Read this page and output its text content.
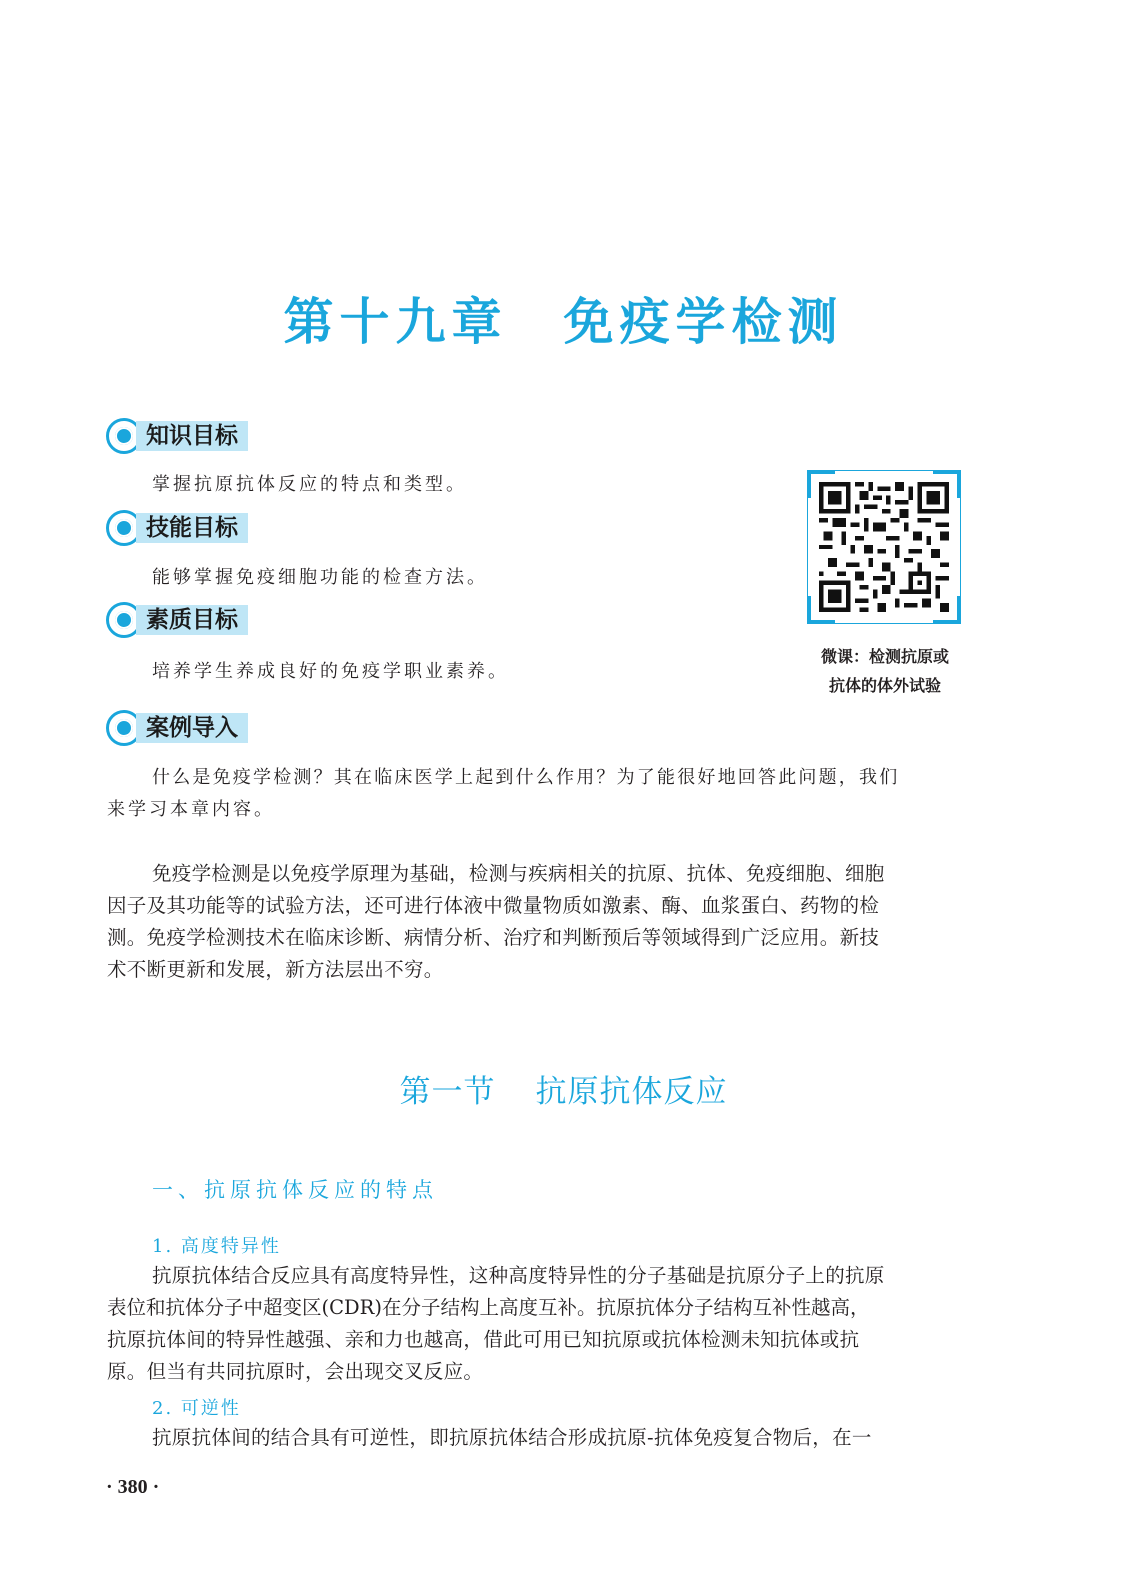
第十九章 免疫学检测
知识目标
掌握抗原抗体反应的特点和类型。
技能目标
能够掌握免疫细胞功能的检查方法。
素质目标
培养学生养成良好的免疫学职业素养。
微课：检测抗原或
抗体的体外试验
案例导入
什么是免疫学检测？其在临床医学上起到什么作用？为了能很好地回答此问题，我们
来学习本章内容。
免疫学检测是以免疫学原理为基础，检测与疾病相关的抗原、抗体、免疫细胞、细胞
因子及其功能等的试验方法，还可进行体液中微量物质如激素、酶、血浆蛋白、药物的检
测。免疫学检测技术在临床诊断、病情分析、治疗和判断预后等领域得到广泛应用。新技
术不断更新和发展，新方法层出不穷。
第一节 抗原抗体反应
一、抗原抗体反应的特点
1. 高度特异性
抗原抗体结合反应具有高度特异性，这种高度特异性的分子基础是抗原分子上的抗原
表位和抗体分子中超变区(CDR)在分子结构上高度互补。抗原抗体分子结构互补性越高，
抗原抗体间的特异性越强、亲和力也越高，借此可用已知抗原或抗体检测未知抗体或抗
原。但当有共同抗原时，会出现交叉反应。
2. 可逆性
抗原抗体间的结合具有可逆性，即抗原抗体结合形成抗原-抗体免疫复合物后，在一
· 380 ·
